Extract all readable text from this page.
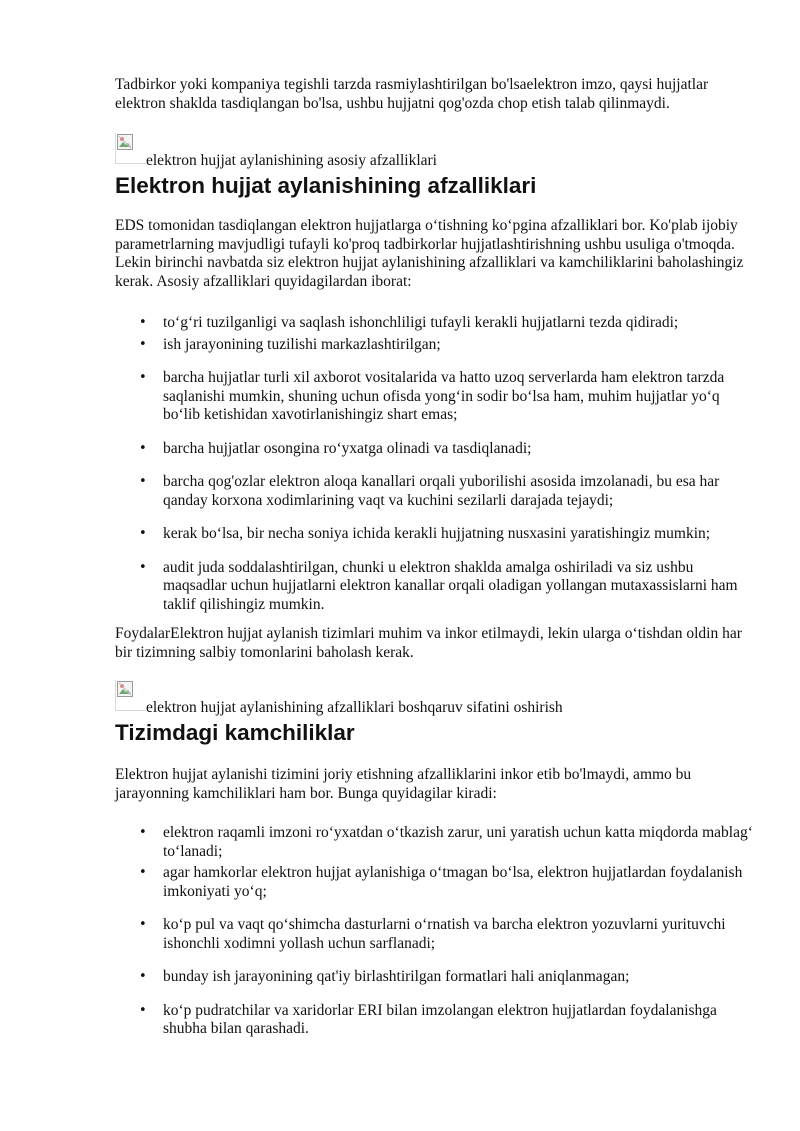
Tadbirkor yoki kompaniya tegishli tarzda rasmiylashtirilgan bo'lsaelektron imzo, qaysi hujjatlar elektron shaklda tasdiqlangan bo'lsa, ushbu hujjatni qog'ozda chop etish talab qilinmaydi.

elektron hujjat aylanishining asosiy afzalliklari
Elektron hujjat aylanishining afzalliklari

EDS tomonidan tasdiqlangan elektron hujjatlarga oʻtishning koʻpgina afzalliklari bor. Ko'plab ijobiy parametrlarning mavjudligi tufayli ko'proq tadbirkorlar hujjatlashtirishning ushbu usuliga o'tmoqda. Lekin birinchi navbatda siz elektron hujjat aylanishining afzalliklari va kamchiliklarini baholashingiz kerak. Asosiy afzalliklari quyidagilardan iborat:

• toʻgʻri tuzilganligi va saqlash ishonchliligi tufayli kerakli hujjatlarni tezda qidiradi;
• ish jarayonining tuzilishi markazlashtirilgan;
• barcha hujjatlar turli xil axborot vositalarida va hatto uzoq serverlarda ham elektron tarzda saqlanishi mumkin, shuning uchun ofisda yongʻin sodir boʻlsa ham, muhim hujjatlar yoʻq boʻlib ketishidan xavotirlanishingiz shart emas;
• barcha hujjatlar osongina roʻyxatga olinadi va tasdiqlanadi;
• barcha qog'ozlar elektron aloqa kanallari orqali yuborilishi asosida imzolanadi, bu esa har qanday korxona xodimlarining vaqt va kuchini sezilarli darajada tejaydi;
• kerak boʻlsa, bir necha soniya ichida kerakli hujjatning nusxasini yaratishingiz mumkin;
• audit juda soddalashtirilgan, chunki u elektron shaklda amalga oshiriladi va siz ushbu maqsadlar uchun hujjatlarni elektron kanallar orqali oladigan yollangan mutaxassislarni ham taklif qilishingiz mumkin.

FoydalarElektron hujjat aylanish tizimlari muhim va inkor etilmaydi, lekin ularga oʻtishdan oldin har bir tizimning salbiy tomonlarini baholash kerak.

elektron hujjat aylanishining afzalliklari boshqaruv sifatini oshirish
Tizimdagi kamchiliklar

Elektron hujjat aylanishi tizimini joriy etishning afzalliklarini inkor etib bo'lmaydi, ammo bu jarayonning kamchiliklari ham bor. Bunga quyidagilar kiradi:

• elektron raqamli imzoni roʻyxatdan oʻtkazish zarur, uni yaratish uchun katta miqdorda mablagʻ toʻlanadi;
• agar hamkorlar elektron hujjat aylanishiga oʻtmagan boʻlsa, elektron hujjatlardan foydalanish imkoniyati yoʻq;
• koʻp pul va vaqt qoʻshimcha dasturlarni oʻrnatish va barcha elektron yozuvlarni yurituvchi ishonchli xodimni yollash uchun sarflanadi;
• bunday ish jarayonining qat'iy birlashtirilgan formatlari hali aniqlanmagan;
• koʻp pudratchilar va xaridorlar ERI bilan imzolangan elektron hujjatlardan foydalanishga shubha bilan qarashadi.
